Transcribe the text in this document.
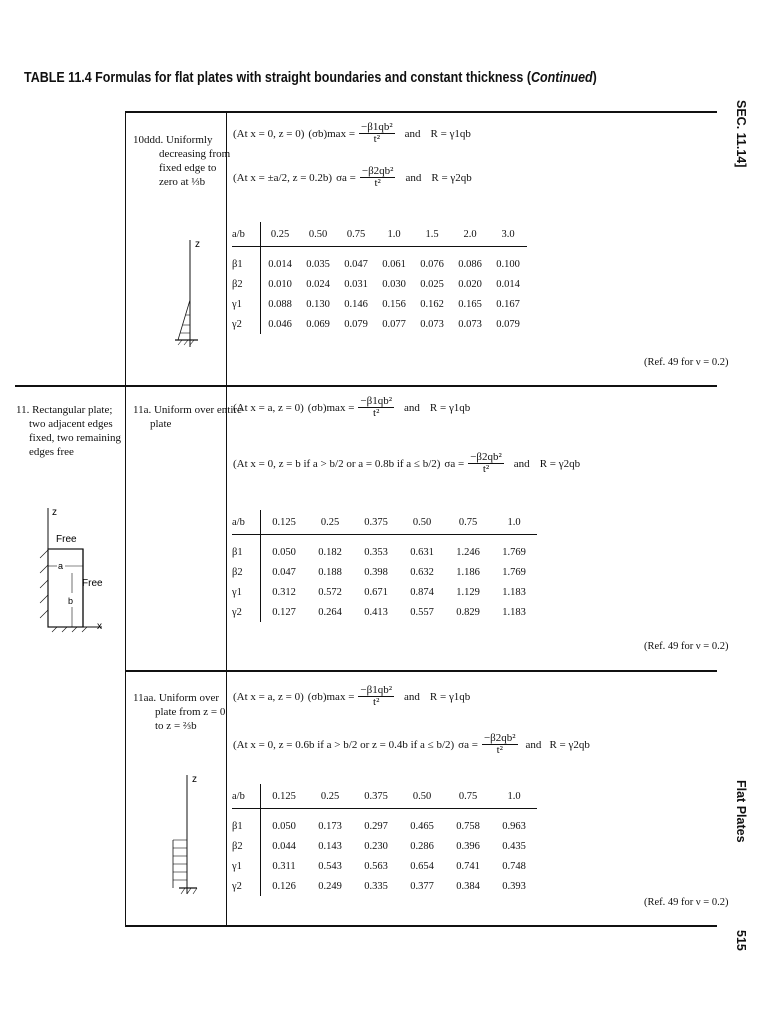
TABLE 11.4 Formulas for flat plates with straight boundaries and constant thickness (Continued)
SEC. 11.14]
Flat Plates
515
10ddd. Uniformly
decreasing from
fixed edge to
zero at ⅓b
z
(At x = 0, z = 0) $(\sigma b)\max = \frac{\text{−β1qb²}}{\text{t²}}$ and R = γ1qb
(At x = ±a/2, z = 0.2b) $\sigma a = \frac{\text{−β2qb²}}{\text{t²}}$ and R = γ2qb
a/b	0.25	0.50	0.75	1.0	1.5	2.0	3.0

β1	0.014	0.035	0.047	0.061	0.076	0.086	0.100
β2	0.010	0.024	0.031	0.030	0.025	0.020	0.014
γ1	0.088	0.130	0.146	0.156	0.162	0.165	0.167
γ2	0.046	0.069	0.079	0.077	0.073	0.073	0.079
(Ref. 49 for ν = 0.2)
11. Rectangular plate;
two adjacent edges
fixed, two remaining
edges free
z
Free
Free
a
b
x
11a. Uniform over entire
plate
(At x = a, z = 0) $(\sigma b)\max = \frac{\text{−β1qb²}}{\text{t²}}$ and R = γ1qb
(At x = 0, z = b if a > b/2 or a = 0.8b if a ≤ b/2) $\sigma a = \frac{\text{−β2qb²}}{\text{t²}}$ and R = γ2qb
a/b	0.125	0.25	0.375	0.50	0.75	1.0

β1	0.050	0.182	0.353	0.631	1.246	1.769
β2	0.047	0.188	0.398	0.632	1.186	1.769
γ1	0.312	0.572	0.671	0.874	1.129	1.183
γ2	0.127	0.264	0.413	0.557	0.829	1.183
(Ref. 49 for ν = 0.2)
11aa. Uniform over
plate from z = 0
to z = ⅔b
z
(At x = a, z = 0) $(\sigma b)\max = \frac{\text{−β1qb²}}{\text{t²}}$ and R = γ1qb
(At x = 0, z = 0.6b if a > b/2 or z = 0.4b if a ≤ b/2) $\sigma a = \frac{\text{−β2qb²}}{\text{t²}}$ and R = γ2qb
a/b	0.125	0.25	0.375	0.50	0.75	1.0

β1	0.050	0.173	0.297	0.465	0.758	0.963
β2	0.044	0.143	0.230	0.286	0.396	0.435
γ1	0.311	0.543	0.563	0.654	0.741	0.748
γ2	0.126	0.249	0.335	0.377	0.384	0.393
(Ref. 49 for ν = 0.2)
